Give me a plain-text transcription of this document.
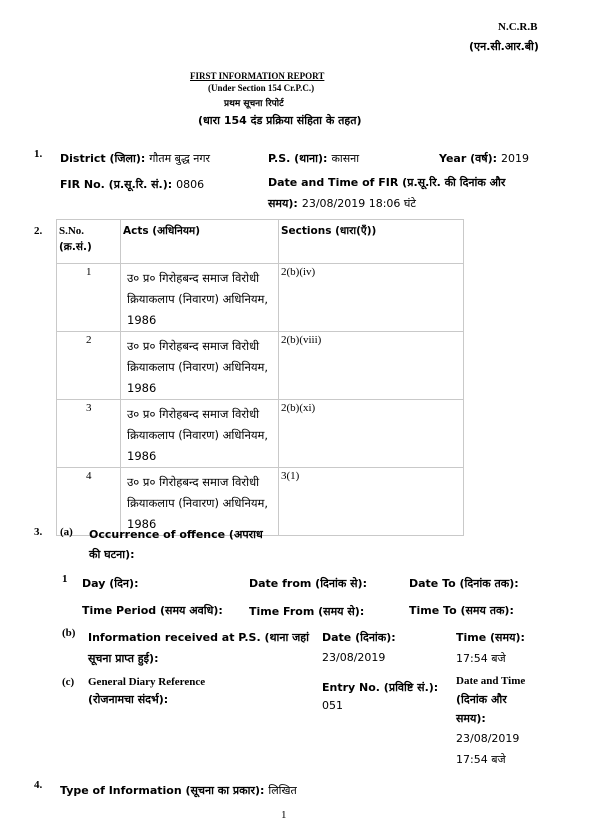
N.C.R.B
(एन.सी.आर.बी)
FIRST INFORMATION REPORT
(Under Section 154 Cr.P.C.)
प्रथम सूचना रिपोर्ट
(धारा 154 दंड प्रक्रिया संहिता के तहत)
1. District (जिला): गौतम बुद्ध नगर	P.S. (थाना): कासना	Year (वर्ष): 2019
FIR No. (प्र.सू.रि. सं.): 0806	Date and Time of FIR (प्र.सू.रि. की दिनांक और
समय): 23/08/2019 18:06 घंटे
2. S.No.
(क्र.सं.)	Acts (अधिनियम)	Sections (धारा(एँ))

1	उ० प्र० गिरोहबन्द समाज विरोधी क्रियाकलाप (निवारण) अधिनियम, 1986	2(b)(iv)

2	उ० प्र० गिरोहबन्द समाज विरोधी क्रियाकलाप (निवारण) अधिनियम, 1986	2(b)(viii)

3	उ० प्र० गिरोहबन्द समाज विरोधी क्रियाकलाप (निवारण) अधिनियम, 1986	2(b)(xi)

4	उ० प्र० गिरोहबन्द समाज विरोधी क्रियाकलाप (निवारण) अधिनियम, 1986	3(1)
3. (a) Occurrence of offence (अपराध
की घटना):
1 Day (दिन):	Date from (दिनांक से):	Date To (दिनांक तक):
Time Period (समय अवधि): Time From (समय से):	Time To (समय तक):
(b) Information received at P.S. (थाना जहां
सूचना प्राप्त हुई):
Date (दिनांक):
23/08/2019
Time (समय):
17:54 बजे
(c) General Diary Reference
(रोजनामचा संदर्भ):
Entry No. (प्रविष्टि सं.):
051
Date and Time
(दिनांक और
समय):
23/08/2019
17:54 बजे
4. Type of Information (सूचना का प्रकार): लिखित
1
